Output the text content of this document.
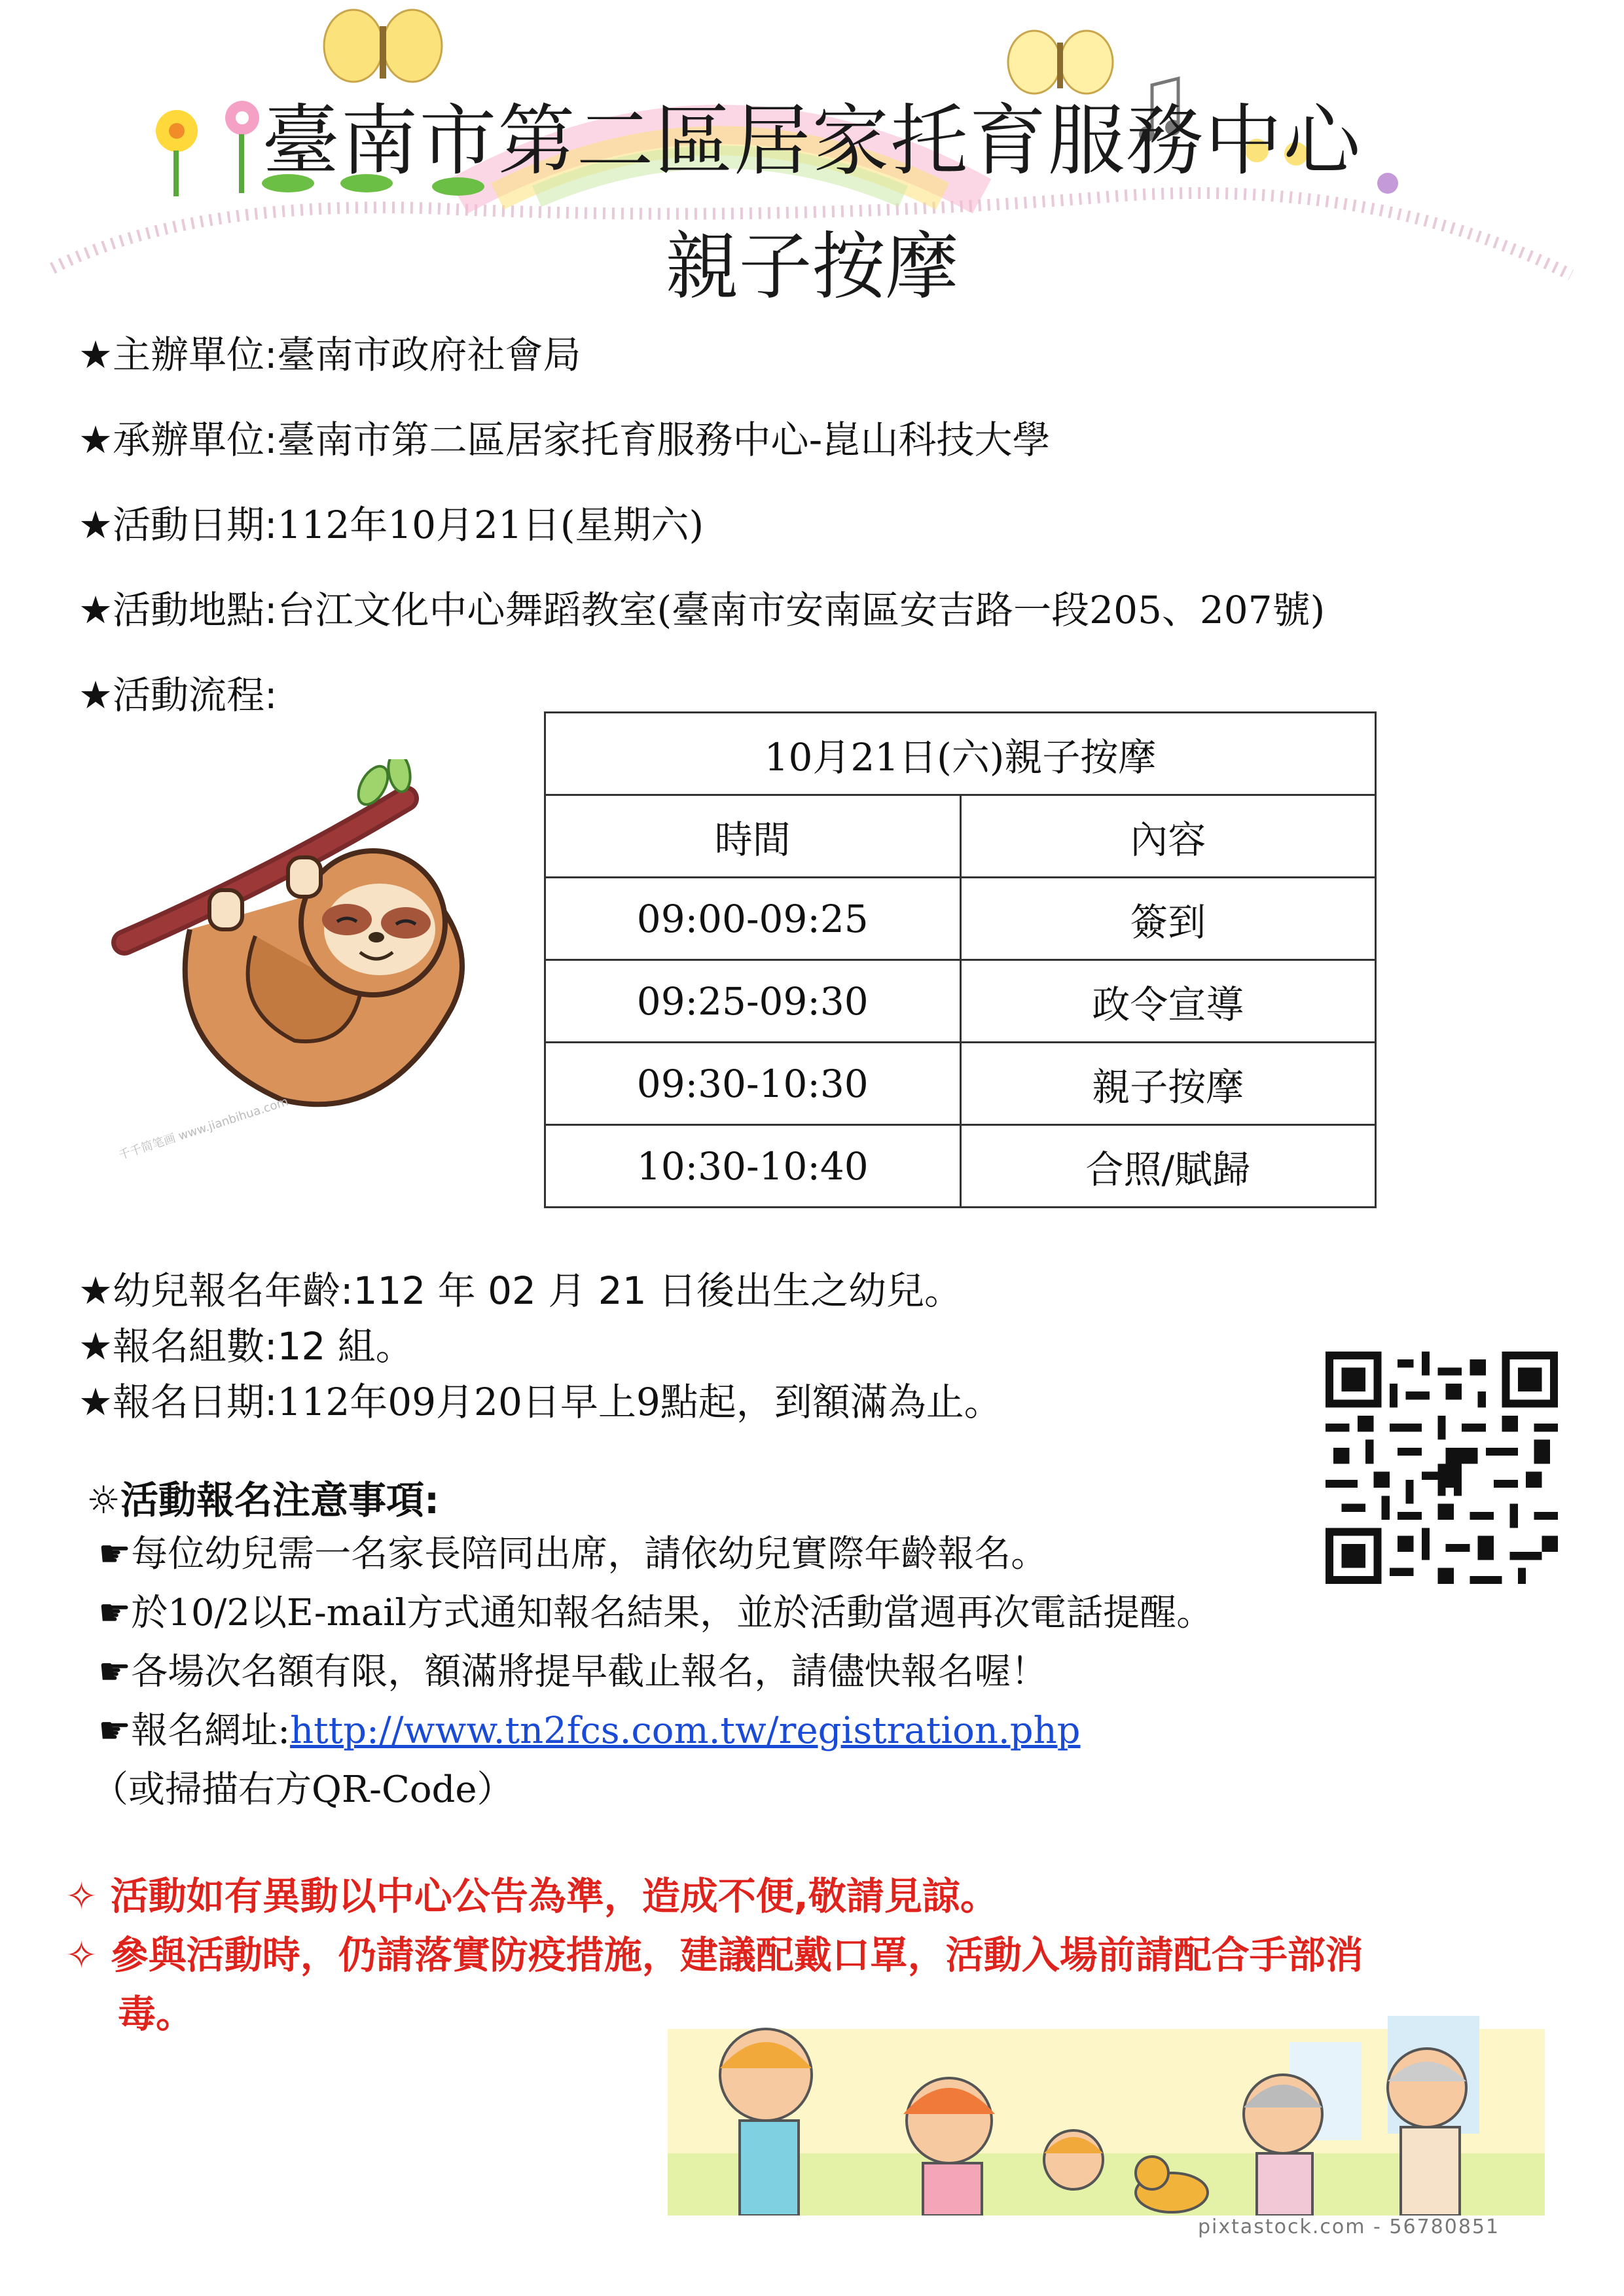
臺南市第二區居家托育服務中心
親子按摩
★主辦單位:臺南市政府社會局
★承辦單位:臺南市第二區居家托育服務中心-崑山科技大學
★活動日期:112年10月21日(星期六)
★活動地點:台江文化中心舞蹈教室(臺南市安南區安吉路一段205、207號)
★活動流程:
千千简笔画 www.jianbihua.com
10月21日(六)親子按摩	
時間	內容
09:00-09:25	簽到
09:25-09:30	政令宣導
09:30-10:30	親子按摩
10:30-10:40	合照/賦歸
★幼兒報名年齡:112 年 02 月 21 日後出生之幼兒。
★報名組數:12 組。
★報名日期:112年09月20日早上9點起，到額滿為止。
☼活動報名注意事項:
☛每位幼兒需一名家長陪同出席，請依幼兒實際年齡報名。
☛於10/2以E-mail方式通知報名結果，並於活動當週再次電話提醒。
☛各場次名額有限，額滿將提早截止報名，請儘快報名喔！
☛報名網址:http://www.tn2fcs.com.tw/registration.php
（或掃描右方QR-Code）
✧ 活動如有異動以中心公告為準，造成不便,敬請見諒。
✧ 參與活動時，仍請落實防疫措施，建議配戴口罩，活動入場前請配合手部消
毒。
pixtastock.com - 56780851
